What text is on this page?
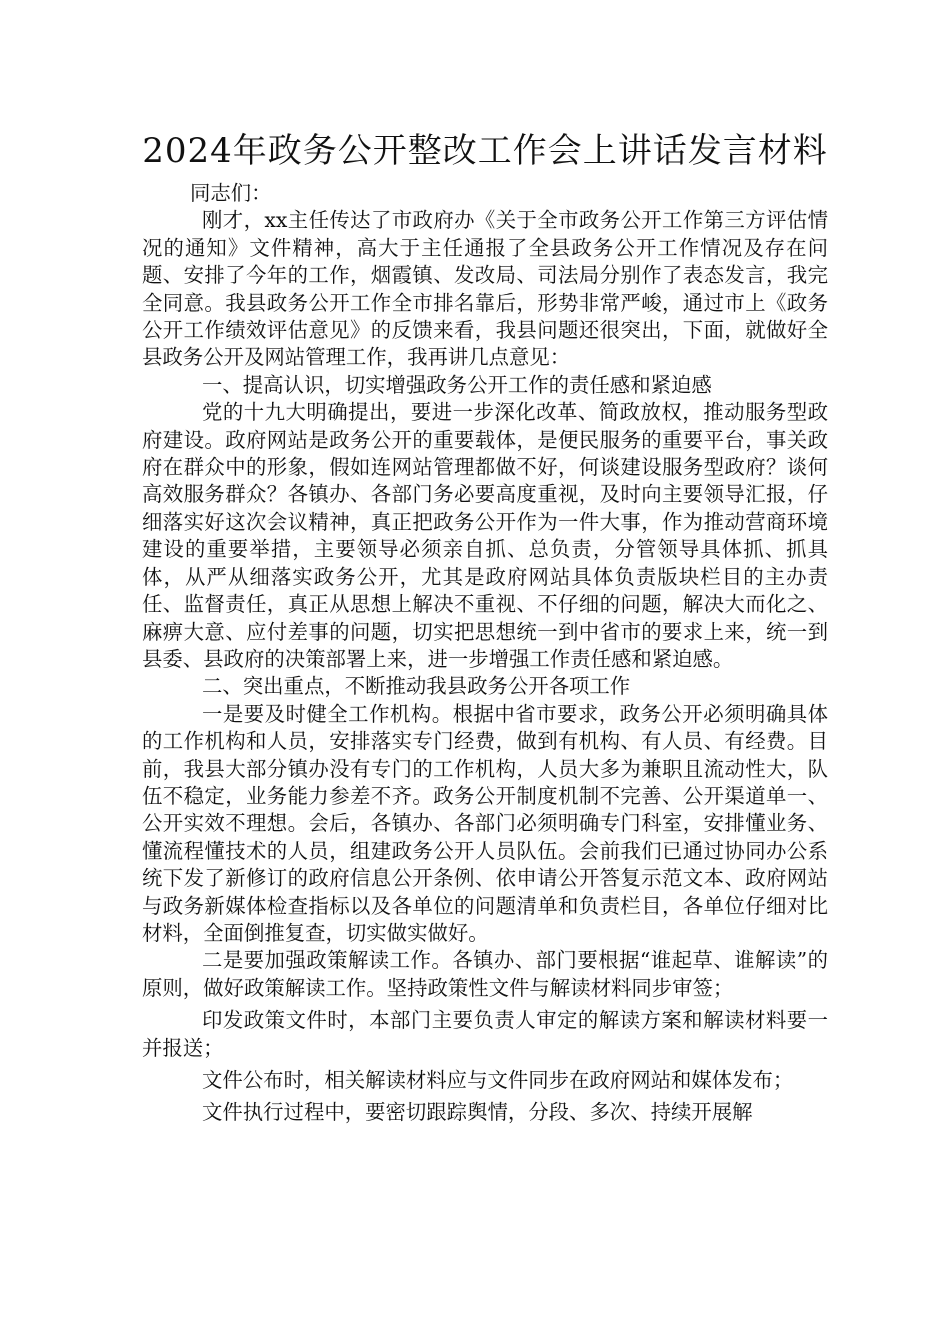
2024年政务公开整改工作会上讲话发言材料

同志们：

刚才，xx主任传达了市政府办《关于全市政务公开工作第三方评估情况的通知》文件精神，高大于主任通报了全县政务公开工作情况及存在问题、安排了今年的工作，烟霞镇、发改局、司法局分别作了表态发言，我完全同意。我县政务公开工作全市排名靠后，形势非常严峻，通过市上《政务公开工作绩效评估意见》的反馈来看，我县问题还很突出，下面，就做好全县政务公开及网站管理工作，我再讲几点意见：

一、提高认识，切实增强政务公开工作的责任感和紧迫感

党的十九大明确提出，要进一步深化改革、简政放权，推动服务型政府建设。政府网站是政务公开的重要载体，是便民服务的重要平台，事关政府在群众中的形象，假如连网站管理都做不好，何谈建设服务型政府？谈何高效服务群众？各镇办、各部门务必要高度重视，及时向主要领导汇报，仔细落实好这次会议精神，真正把政务公开作为一件大事，作为推动营商环境建设的重要举措，主要领导必须亲自抓、总负责，分管领导具体抓、抓具体，从严从细落实政务公开，尤其是政府网站具体负责版块栏目的主办责任、监督责任，真正从思想上解决不重视、不仔细的问题，解决大而化之、麻痹大意、应付差事的问题，切实把思想统一到中省市的要求上来，统一到县委、县政府的决策部署上来，进一步增强工作责任感和紧迫感。

二、突出重点，不断推动我县政务公开各项工作

一是要及时健全工作机构。根据中省市要求，政务公开必须明确具体的工作机构和人员，安排落实专门经费，做到有机构、有人员、有经费。目前，我县大部分镇办没有专门的工作机构，人员大多为兼职且流动性大，队伍不稳定，业务能力参差不齐。政务公开制度机制不完善、公开渠道单一、公开实效不理想。会后，各镇办、各部门必须明确专门科室，安排懂业务、懂流程懂技术的人员，组建政务公开人员队伍。会前我们已通过协同办公系统下发了新修订的政府信息公开条例、依申请公开答复示范文本、政府网站与政务新媒体检查指标以及各单位的问题清单和负责栏目，各单位仔细对比材料，全面倒推复查，切实做实做好。

二是要加强政策解读工作。各镇办、部门要根据“谁起草、谁解读”的原则，做好政策解读工作。坚持政策性文件与解读材料同步审签；

印发政策文件时，本部门主要负责人审定的解读方案和解读材料要一并报送；

文件公布时，相关解读材料应与文件同步在政府网站和媒体发布；

文件执行过程中，要密切跟踪舆情，分段、多次、持续开展解
